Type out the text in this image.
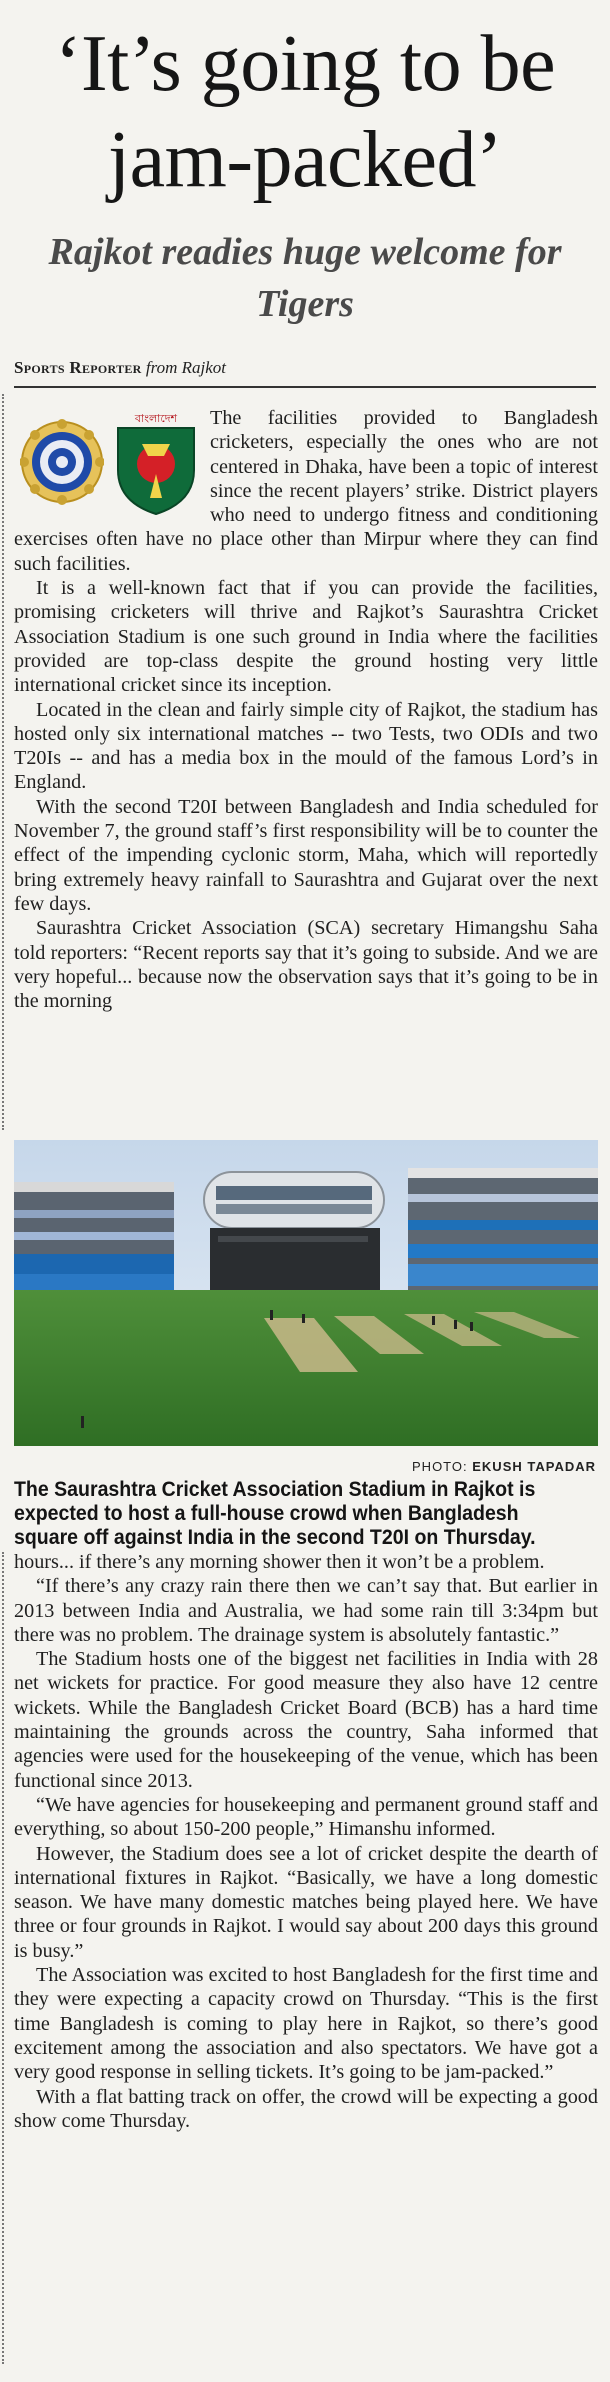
‘It’s going to be jam-packed’
Rajkot readies huge welcome for Tigers
Sports Reporter from Rajkot
বাংলাদেশ	The facilities provided to Bangladesh cricketers, especially the ones who are not centered in Dhaka, have been a topic of interest since the recent players’ strike. District players who need to undergo fitness and conditioning exercises often have no place other than Mirpur where they can find such facilities.

It is a well-known fact that if you can provide the facilities, promising cricketers will thrive and Rajkot’s Saurashtra Cricket Association Stadium is one such ground in India where the facilities provided are top-class despite the ground hosting very little international cricket since its inception.

Located in the clean and fairly simple city of Rajkot, the stadium has hosted only six international matches -- two Tests, two ODIs and two T20Is -- and has a media box in the mould of the famous Lord’s in England.

With the second T20I between Bangladesh and India scheduled for November 7, the ground staff’s first responsibility will be to counter the effect of the impending cyclonic storm, Maha, which will reportedly bring extremely heavy rainfall to Saurashtra and Gujarat over the next few days.

Saurashtra Cricket Association (SCA) secretary Himangshu Saha told reporters: “Recent reports say that it’s going to subside. And we are very hopeful... because now the observation says that it’s going to be in the morning

PHOTO: EKUSH TAPADAR
The Saurashtra Cricket Association Stadium in Rajkot is
expected to host a full-house crowd when Bangladesh
square off against India in the second T20I on Thursday.

hours... if there’s any morning shower then it won’t be a problem.

“If there’s any crazy rain there then we can’t say that. But earlier in 2013 between India and Australia, we had some rain till 3:34pm but there was no problem. The drainage system is absolutely fantastic.”

The Stadium hosts one of the biggest net facilities in India with 28 net wickets for practice. For good measure they also have 12 centre wickets. While the Bangladesh Cricket Board (BCB) has a hard time maintaining the grounds across the country, Saha informed that agencies were used for the housekeeping of the venue, which has been functional since 2013.

“We have agencies for housekeeping and permanent ground staff and everything, so about 150-200 people,” Himanshu informed.

However, the Stadium does see a lot of cricket despite the dearth of international fixtures in Rajkot. “Basically, we have a long domestic season. We have many domestic matches being played here. We have three or four grounds in Rajkot. I would say about 200 days this ground is busy.”

The Association was excited to host Bangladesh for the first time and they were expecting a capacity crowd on Thursday. “This is the first time Bangladesh is coming to play here in Rajkot, so there’s good excitement among the association and also spectators. We have got a very good response in selling tickets. It’s going to be jam-packed.”

With a flat batting track on offer, the crowd will be expecting a good show come Thursday.
